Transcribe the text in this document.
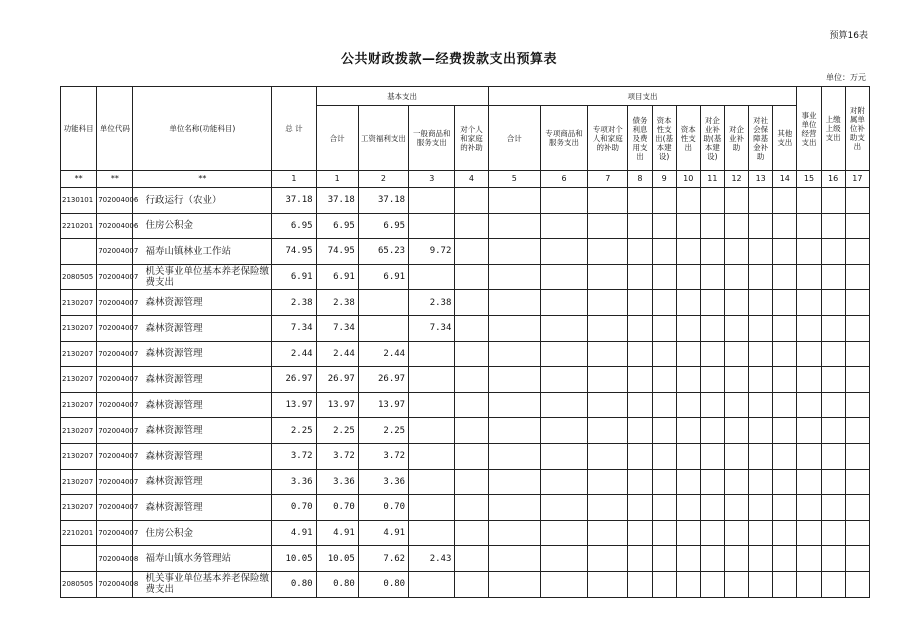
预算16表
公共财政拨款—经费拨款支出预算表
单位：万元
功能科目	单位代码	单位名称(功能科目)	总 计	基本支出				项目支出										事业单位经营支出	上缴上级支出	对附属单位补助支出
				合计	工资福利支出	一般商品和服务支出	对个人和家庭的补助	合计	专项商品和服务支出	专项对个人和家庭的补助	债务利息及费用支出	资本性支出(基本建设)	资本性支出	对企业补助(基本建设)	对企业补助	对社会保障基金补助	其他支出			
**	**	**	1	1	2	3	4	5	6	7	8	9	10	11	12	13	14	15	16	17
2130101	702004006	行政运行（农业）	37.18	37.18	37.18															
2210201	702004006	住房公积金	6.95	6.95	6.95															
	702004007	福寿山镇林业工作站	74.95	74.95	65.23	9.72														
2080505	702004007	机关事业单位基本养老保险缴费支出	6.91	6.91	6.91															
2130207	702004007	森林资源管理	2.38	2.38		2.38														
2130207	702004007	森林资源管理	7.34	7.34		7.34														
2130207	702004007	森林资源管理	2.44	2.44	2.44															
2130207	702004007	森林资源管理	26.97	26.97	26.97															
2130207	702004007	森林资源管理	13.97	13.97	13.97															
2130207	702004007	森林资源管理	2.25	2.25	2.25															
2130207	702004007	森林资源管理	3.72	3.72	3.72															
2130207	702004007	森林资源管理	3.36	3.36	3.36															
2130207	702004007	森林资源管理	0.70	0.70	0.70															
2210201	702004007	住房公积金	4.91	4.91	4.91															
	702004008	福寿山镇水务管理站	10.05	10.05	7.62	2.43														
2080505	702004008	机关事业单位基本养老保险缴费支出	0.80	0.80	0.80															
